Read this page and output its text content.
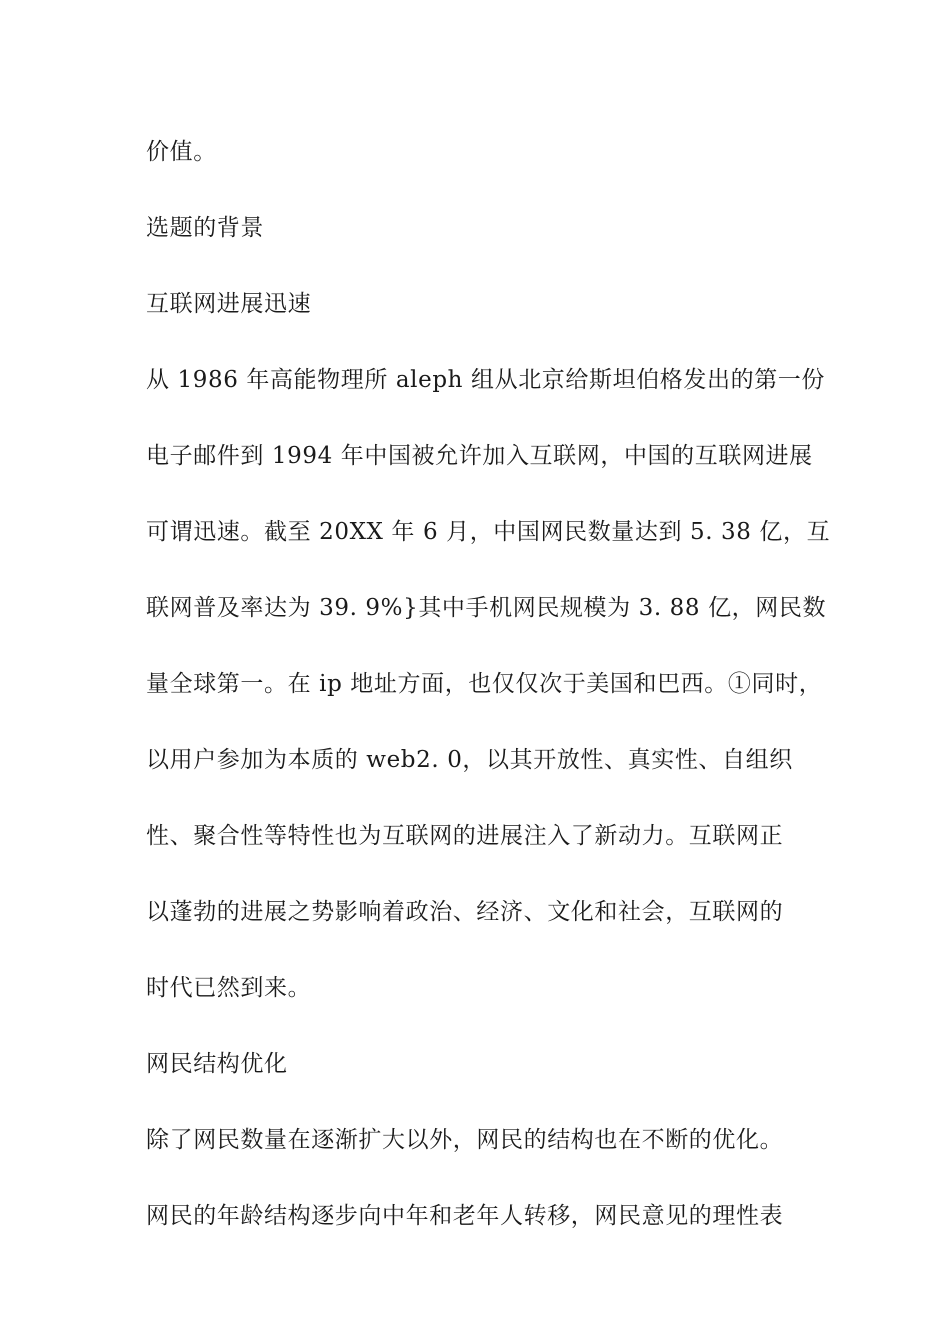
价值。
选题的背景
互联网进展迅速
从 1986 年高能物理所 aleph 组从北京给斯坦伯格发出的第一份
电子邮件到 1994 年中国被允许加入互联网，中国的互联网进展
可谓迅速。截至 20XX 年 6 月，中国网民数量达到 5. 38 亿，互
联网普及率达为 39. 9%}其中手机网民规模为 3. 88 亿，网民数
量全球第一。在 ip 地址方面，也仅仅次于美国和巴西。①同时，
以用户参加为本质的 web2. 0，以其开放性、真实性、自组织
性、聚合性等特性也为互联网的进展注入了新动力。互联网正
以蓬勃的进展之势影响着政治、经济、文化和社会，互联网的
时代已然到来。
网民结构优化
除了网民数量在逐渐扩大以外，网民的结构也在不断的优化。
网民的年龄结构逐步向中年和老年人转移，网民意见的理性表
